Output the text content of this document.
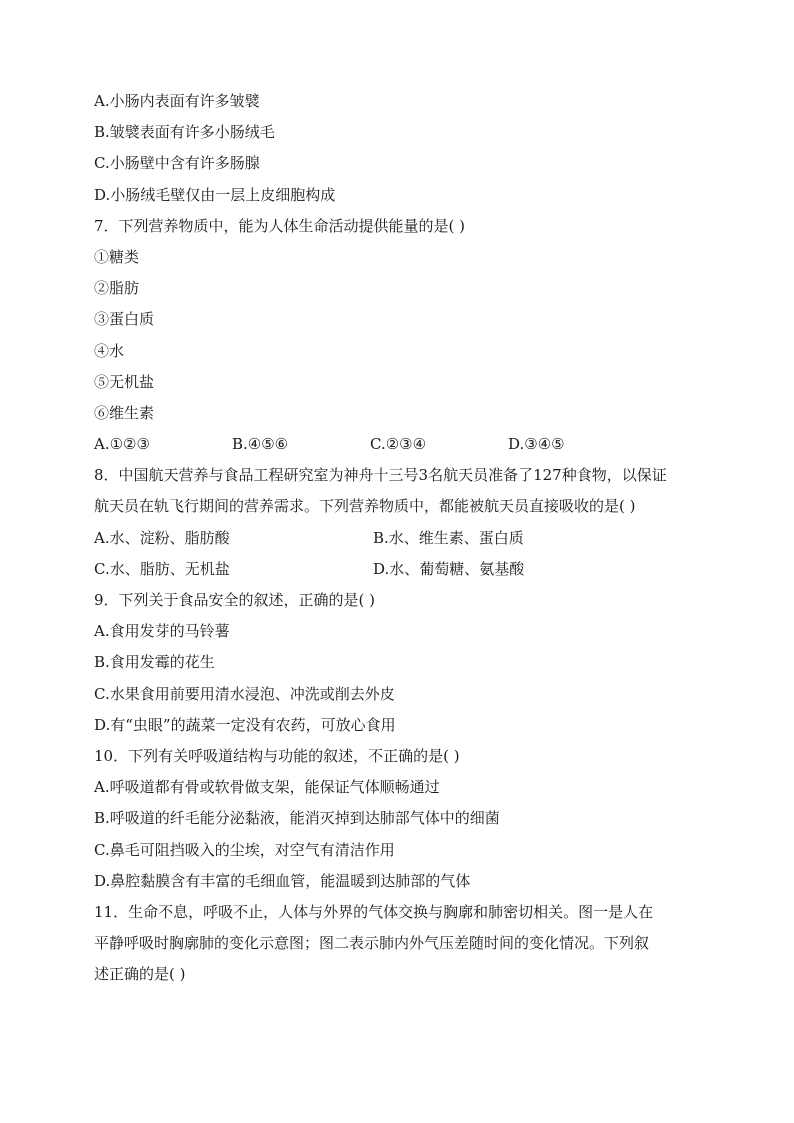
A.小肠内表面有许多皱襞
B.皱襞表面有许多小肠绒毛
C.小肠壁中含有许多肠腺
D.小肠绒毛壁仅由一层上皮细胞构成
7．下列营养物质中，能为人体生命活动提供能量的是( )
①糖类
②脂肪
③蛋白质
④水
⑤无机盐
⑥维生素
A.①②③	B.④⑤⑥	C.②③④	D.③④⑤
8．中国航天营养与食品工程研究室为神舟十三号3名航天员准备了127种食物，以保证
航天员在轨飞行期间的营养需求。下列营养物质中，都能被航天员直接吸收的是( )
A.水、淀粉、脂肪酸	B.水、维生素、蛋白质
C.水、脂肪、无机盐	D.水、葡萄糖、氨基酸
9．下列关于食品安全的叙述，正确的是( )
A.食用发芽的马铃薯
B.食用发霉的花生
C.水果食用前要用清水浸泡、冲洗或削去外皮
D.有“虫眼”的蔬菜一定没有农药，可放心食用
10．下列有关呼吸道结构与功能的叙述，不正确的是( )
A.呼吸道都有骨或软骨做支架，能保证气体顺畅通过
B.呼吸道的纤毛能分泌黏液，能消灭掉到达肺部气体中的细菌
C.鼻毛可阻挡吸入的尘埃，对空气有清洁作用
D.鼻腔黏膜含有丰富的毛细血管，能温暖到达肺部的气体
11．生命不息，呼吸不止，人体与外界的气体交换与胸廓和肺密切相关。图一是人在
平静呼吸时胸廓肺的变化示意图；图二表示肺内外气压差随时间的变化情况。下列叙
述正确的是( )
